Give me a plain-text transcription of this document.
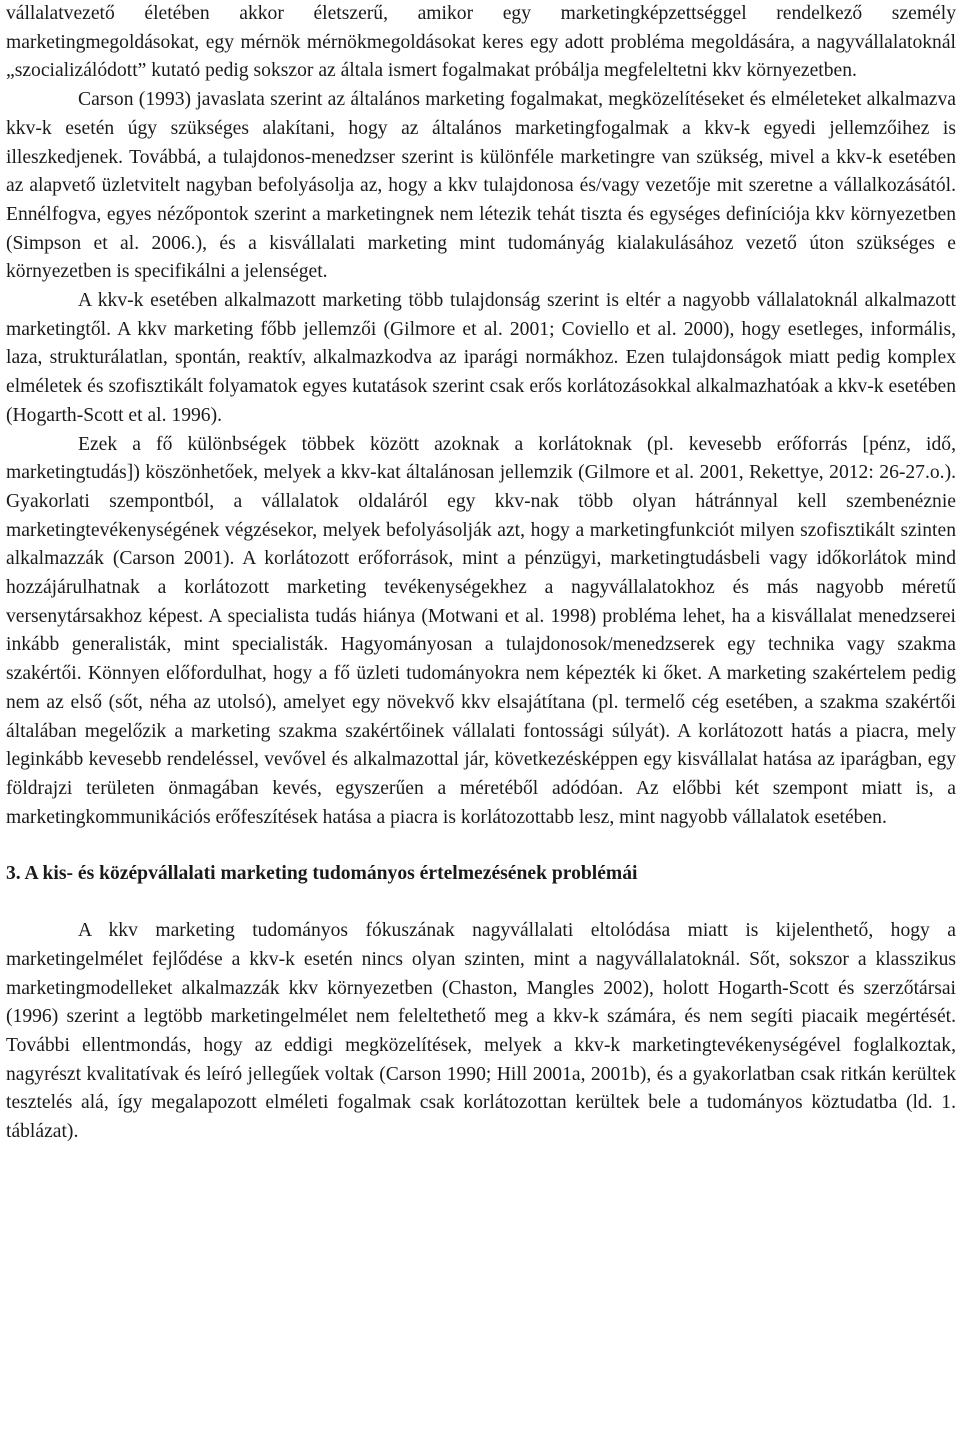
vállalatvezető életében akkor életszerű, amikor egy marketingképzettséggel rendelkező személy marketingmegoldásokat, egy mérnök mérnökmegoldásokat keres egy adott probléma megoldására, a nagyvállalatoknál „szocializálódott” kutató pedig sokszor az általa ismert fogalmakat próbálja megfeleltetni kkv környezetben.

Carson (1993) javaslata szerint az általános marketing fogalmakat, megközelítéseket és elméleteket alkalmazva kkv-k esetén úgy szükséges alakítani, hogy az általános marketingfogalmak a kkv-k egyedi jellemzőihez is illeszkedjenek. Továbbá, a tulajdonos-menedzser szerint is különféle marketingre van szükség, mivel a kkv-k esetében az alapvető üzletvitelt nagyban befolyásolja az, hogy a kkv tulajdonosa és/vagy vezetője mit szeretne a vállalkozásától. Ennélfogva, egyes nézőpontok szerint a marketingnek nem létezik tehát tiszta és egységes definíciója kkv környezetben (Simpson et al. 2006.), és a kisvállalati marketing mint tudományág kialakulásához vezető úton szükséges e környezetben is specifikálni a jelenséget.

A kkv-k esetében alkalmazott marketing több tulajdonság szerint is eltér a nagyobb vállalatoknál alkalmazott marketingtől. A kkv marketing főbb jellemzői (Gilmore et al. 2001; Coviello et al. 2000), hogy esetleges, informális, laza, strukturálatlan, spontán, reaktív, alkalmazkodva az iparági normákhoz. Ezen tulajdonságok miatt pedig komplex elméletek és szofisztikált folyamatok egyes kutatások szerint csak erős korlátozásokkal alkalmazhatóak a kkv-k esetében (Hogarth-Scott et al. 1996).

Ezek a fő különbségek többek között azoknak a korlátoknak (pl. kevesebb erőforrás [pénz, idő, marketingtudás]) köszönhetőek, melyek a kkv-kat általánosan jellemzik (Gilmore et al. 2001, Rekettye, 2012: 26-27.o.). Gyakorlati szempontból, a vállalatok oldaláról egy kkv-nak több olyan hátránnyal kell szembenéznie marketingtevékenységének végzésekor, melyek befolyásolják azt, hogy a marketingfunkciót milyen szofisztikált szinten alkalmazzák (Carson 2001). A korlátozott erőforrások, mint a pénzügyi, marketingtudásbeli vagy időkorlátok mind hozzájárulhatnak a korlátozott marketing tevékenységekhez a nagyvállalatokhoz és más nagyobb méretű versenytársakhoz képest. A specialista tudás hiánya (Motwani et al. 1998) probléma lehet, ha a kisvállalat menedzserei inkább generalisták, mint specialisták. Hagyományosan a tulajdonosok/menedzserek egy technika vagy szakma szakértői. Könnyen előfordulhat, hogy a fő üzleti tudományokra nem képezték ki őket. A marketing szakértelem pedig nem az első (sőt, néha az utolsó), amelyet egy növekvő kkv elsajátítana (pl. termelő cég esetében, a szakma szakértői általában megelőzik a marketing szakma szakértőinek vállalati fontossági súlyát). A korlátozott hatás a piacra, mely leginkább kevesebb rendeléssel, vevővel és alkalmazottal jár, következésképpen egy kisvállalat hatása az iparágban, egy földrajzi területen önmagában kevés, egyszerűen a méretéből adódóan. Az előbbi két szempont miatt is, a marketingkommunikációs erőfeszítések hatása a piacra is korlátozottabb lesz, mint nagyobb vállalatok esetében.

3. A kis- és középvállalati marketing tudományos értelmezésének problémái

A kkv marketing tudományos fókuszának nagyvállalati eltolódása miatt is kijelenthető, hogy a marketingelmélet fejlődése a kkv-k esetén nincs olyan szinten, mint a nagyvállalatoknál. Sőt, sokszor a klasszikus marketingmodelleket alkalmazzák kkv környezetben (Chaston, Mangles 2002), holott Hogarth-Scott és szerzőtársai (1996) szerint a legtöbb marketingelmélet nem feleltethető meg a kkv-k számára, és nem segíti piacaik megértését. További ellentmondás, hogy az eddigi megközelítések, melyek a kkv-k marketingtevékenységével foglalkoztak, nagyrészt kvalitatívak és leíró jellegűek voltak (Carson 1990; Hill 2001a, 2001b), és a gyakorlatban csak ritkán kerültek tesztelés alá, így megalapozott elméleti fogalmak csak korlátozottan kerültek bele a tudományos köztudatba (ld. 1. táblázat).
